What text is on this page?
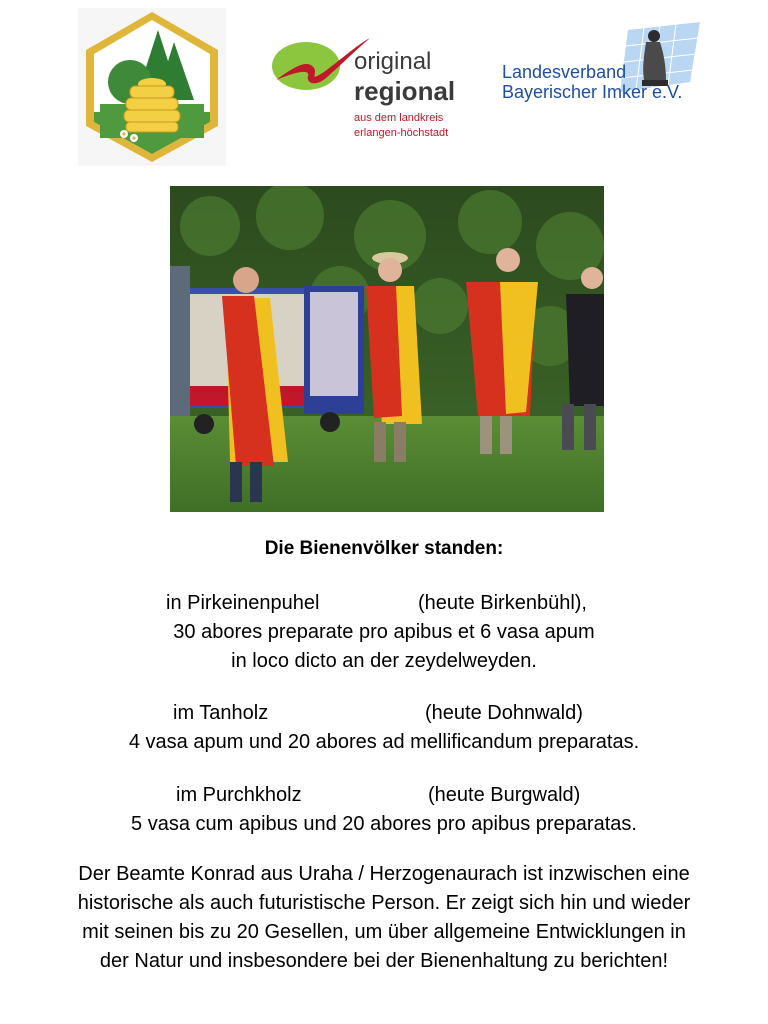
original
regional
aus dem landkreis
erlangen-höchstadt
Landesverband
Bayerischer Imker e.V.
Die Bienenvölker standen:
in Pirkeinenpuhel	(heute Birkenbühl),
30 abores preparate pro apibus et 6 vasa apum
in loco dicto an der zeydelweyden.
im Tanholz	(heute Dohnwald)
4 vasa apum und 20 abores ad mellificandum preparatas.
im Purchkholz	(heute Burgwald)
5 vasa cum apibus und 20 abores pro apibus preparatas.
Der Beamte Konrad aus Uraha / Herzogenaurach ist inzwischen eine
historische als auch futuristische Person. Er zeigt sich hin und wieder
mit seinen bis zu 20 Gesellen, um über allgemeine Entwicklungen in
der Natur und insbesondere bei der Bienenhaltung zu berichten!
